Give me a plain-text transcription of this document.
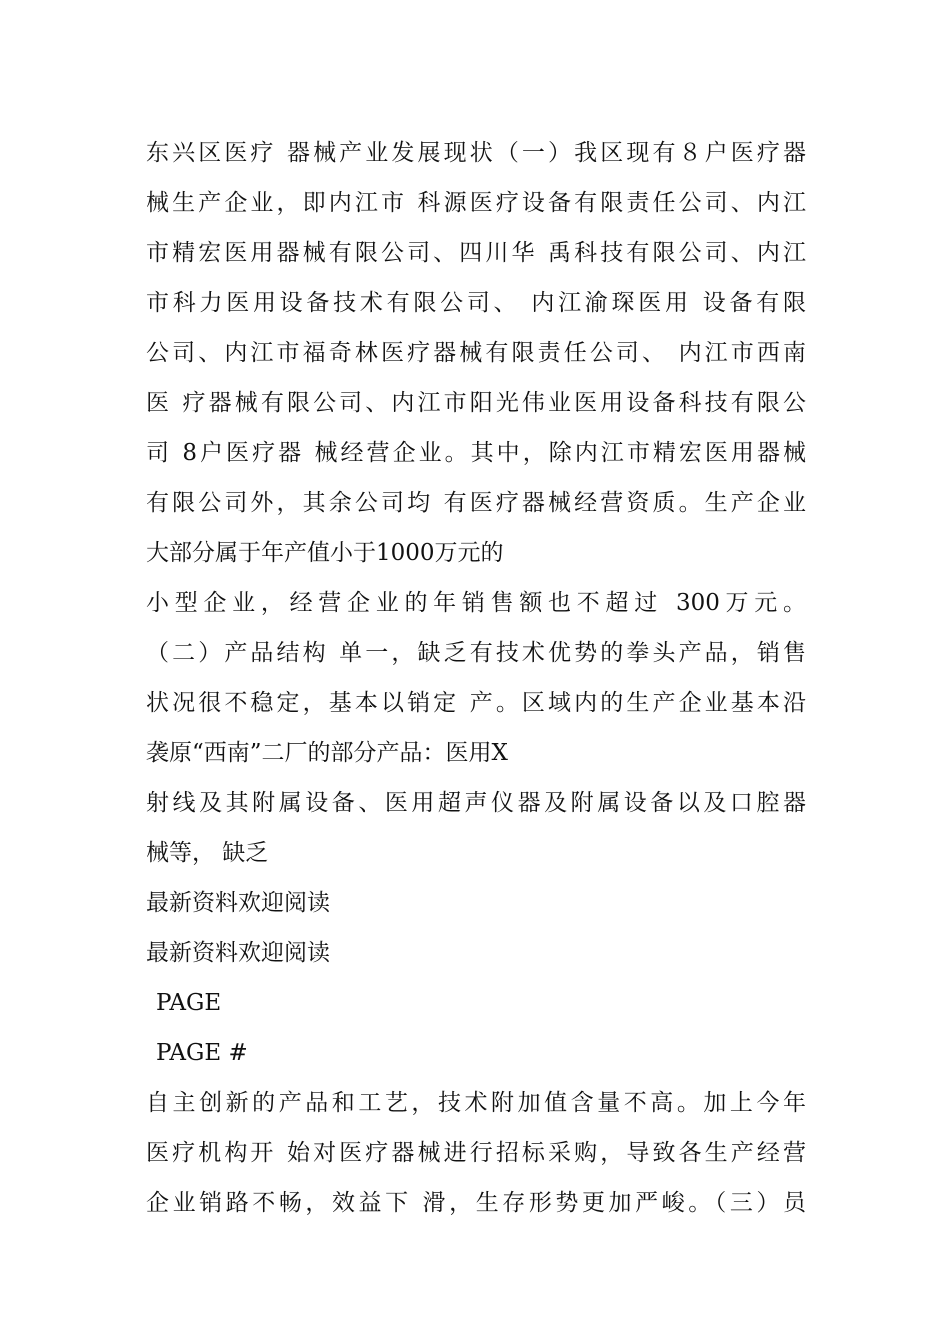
东兴区医疗 器械产业发展现状（一）我区现有８户医疗器
械生产企业，即内江市 科源医疗设备有限责任公司、内江
市精宏医用器械有限公司、四川华 禹科技有限公司、内江
市科力医用设备技术有限公司、 内江渝琛医用 设备有限
公司、内江市福奇林医疗器械有限责任公司、 内江市西南
医 疗器械有限公司、内江市阳光伟业医用设备科技有限公
司 8户医疗器 械经营企业。其中，除内江市精宏医用器械
有限公司外，其余公司均 有医疗器械经营资质。生产企业
大部分属于年产值小于1000万元的
小型企业，经营企业的年销售额也不超过 300万元。
（二）产品结构 单一，缺乏有技术优势的拳头产品，销售
状况很不稳定，基本以销定 产。区域内的生产企业基本沿
袭原“西南”二厂的部分产品：医用X
射线及其附属设备、医用超声仪器及附属设备以及口腔器
械等， 缺乏
最新资料欢迎阅读
最新资料欢迎阅读
PAGE
PAGE #
自主创新的产品和工艺，技术附加值含量不高。加上今年
医疗机构开 始对医疗器械进行招标采购，导致各生产经营
企业销路不畅，效益下 滑，生存形势更加严峻。（三）员
